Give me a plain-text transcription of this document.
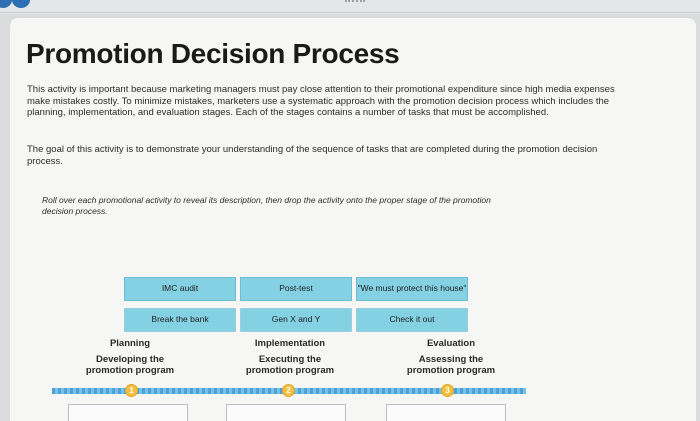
Promotion Decision Process
This activity is important because marketing managers must pay close attention to their promotional expenditure since high media expenses make mistakes costly. To minimize mistakes, marketers use a systematic approach with the promotion decision process which includes the planning, implementation, and evaluation stages. Each of the stages contains a number of tasks that must be accomplished.
The goal of this activity is to demonstrate your understanding of the sequence of tasks that are completed during the promotion decision process.
Roll over each promotional activity to reveal its description, then drop the activity onto the proper stage of the promotion decision process.
IMC audit	Post-test	"We must protect this house"
Break the bank	Gen X and Y	Check it out
Planning
Developing the promotion program
Implementation
Executing the promotion program
Evaluation
Assessing the promotion program
1	2	3
